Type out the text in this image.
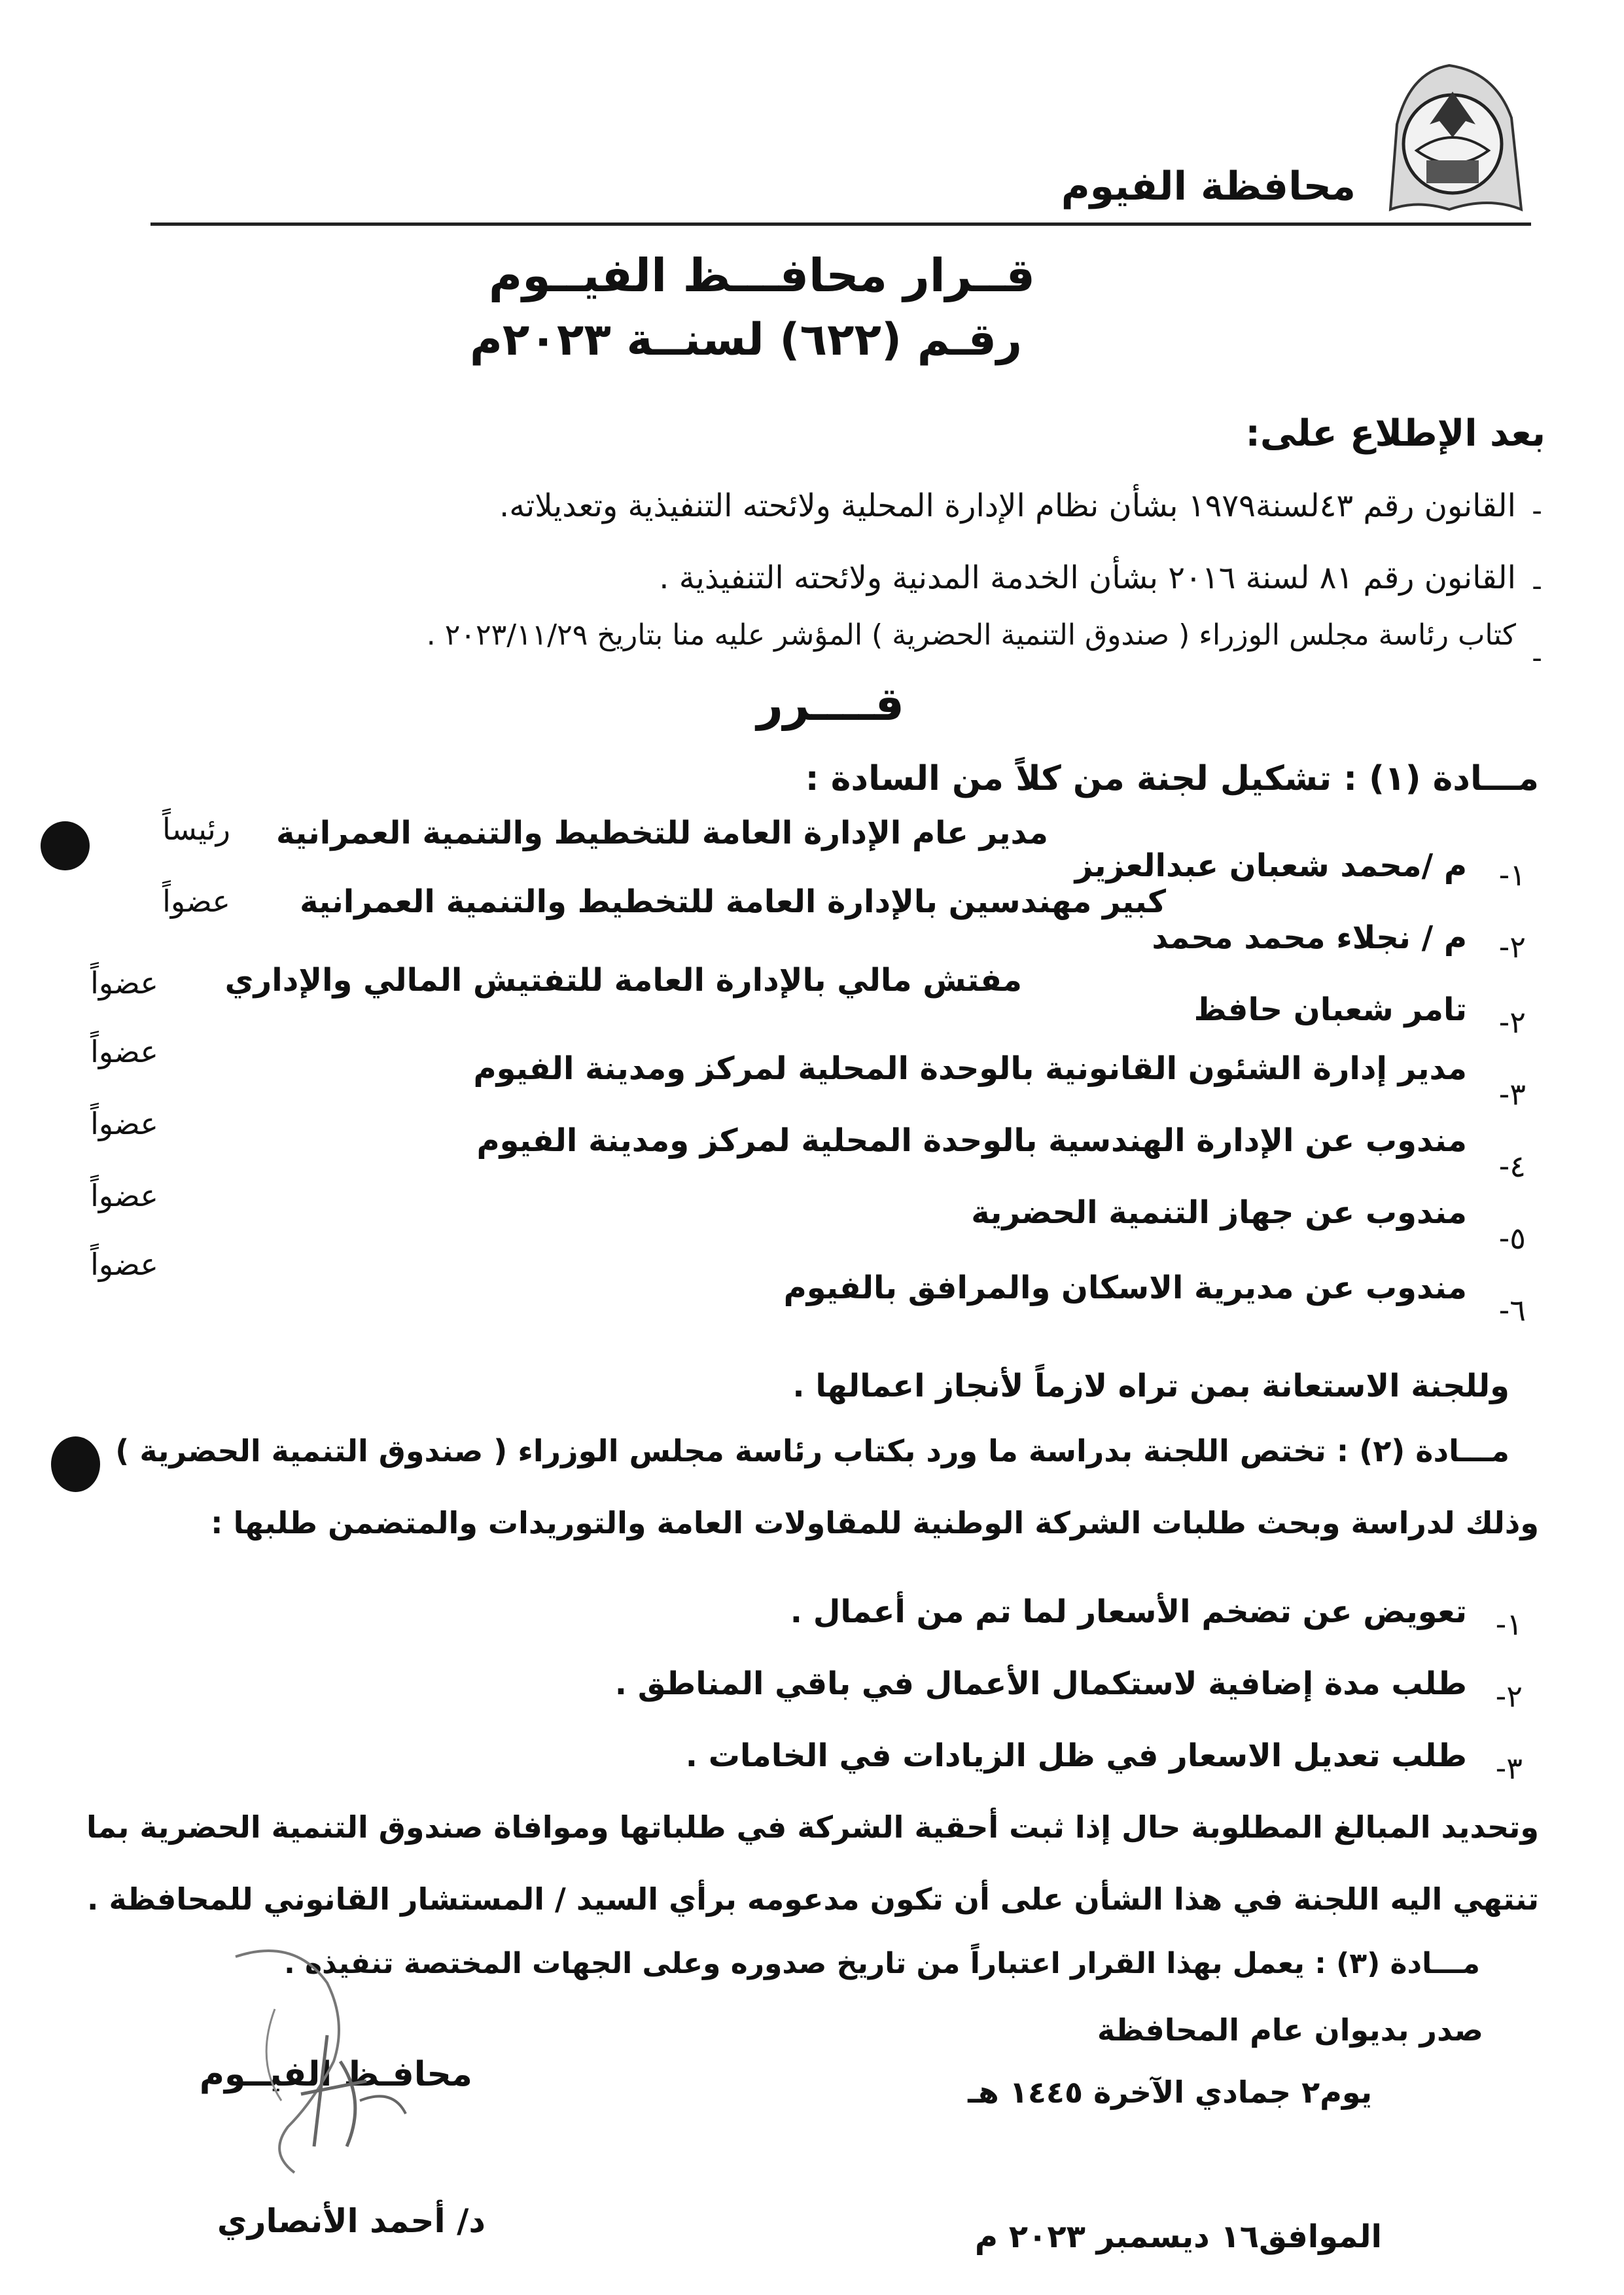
محافظة الفيوم
قــرار محافـــظ الفيــوم
رقـم (٦٢٢) لسنــة ٢٠٢٣م
بعد الإطلاع على:
-
القانون رقم ٤٣لسنة١٩٧٩ بشأن نظام الإدارة المحلية ولائحته التنفيذية وتعديلاته.
-
القانون رقم ٨١ لسنة ٢٠١٦ بشأن الخدمة المدنية ولائحته التنفيذية .
-
كتاب رئاسة مجلس الوزراء ( صندوق التنمية الحضرية ) المؤشر عليه منا بتاريخ ٢٠٢٣/١١/٢٩ .
قــــرر
مـــادة (١) : تشكيل لجنة من كلاً من السادة :
١-
م /محمد شعبان عبدالعزيز
مدير عام الإدارة العامة للتخطيط والتنمية العمرانية
رئيساً
٢-
م / نجلاء محمد محمد
كبير مهندسين بالإدارة العامة للتخطيط والتنمية العمرانية
عضواً
٢-
تامر شعبان حافظ
مفتش مالي بالإدارة العامة للتفتيش المالي والإداري
عضواً
٣-
مدير إدارة الشئون القانونية بالوحدة المحلية لمركز ومدينة الفيوم
عضواً
٤-
مندوب عن الإدارة الهندسية بالوحدة المحلية لمركز ومدينة الفيوم
عضواً
٥-
مندوب عن جهاز التنمية الحضرية
عضواً
٦-
مندوب عن مديرية الاسكان والمرافق بالفيوم
عضواً
وللجنة الاستعانة بمن تراه لازماً لأنجاز اعمالها .
مـــادة (٢) : تختص اللجنة بدراسة ما ورد بكتاب رئاسة مجلس الوزراء ( صندوق التنمية الحضرية )
وذلك لدراسة وبحث طلبات الشركة الوطنية للمقاولات العامة والتوريدات والمتضمن طلبها :
١-
تعويض عن تضخم الأسعار لما تم من أعمال .
٢-
طلب مدة إضافية لاستكمال الأعمال في باقي المناطق .
٣-
طلب تعديل الاسعار في ظل الزيادات في الخامات .
وتحديد المبالغ المطلوبة حال إذا ثبت أحقية الشركة في طلباتها وموافاة صندوق التنمية الحضرية بما
تنتهي اليه اللجنة في هذا الشأن على أن تكون مدعومه برأي السيد / المستشار القانوني للمحافظة .
مـــادة (٣) : يعمل بهذا القرار اعتباراً من تاريخ صدوره وعلى الجهات المختصة تنفيذه .
صدر بديوان عام المحافظة
يوم٢ جمادي الآخرة ١٤٤٥ هـ
الموافق١٦ ديسمبر ٢٠٢٣ م
محافـظ الفيــوم
د/ أحمد الأنصاري
